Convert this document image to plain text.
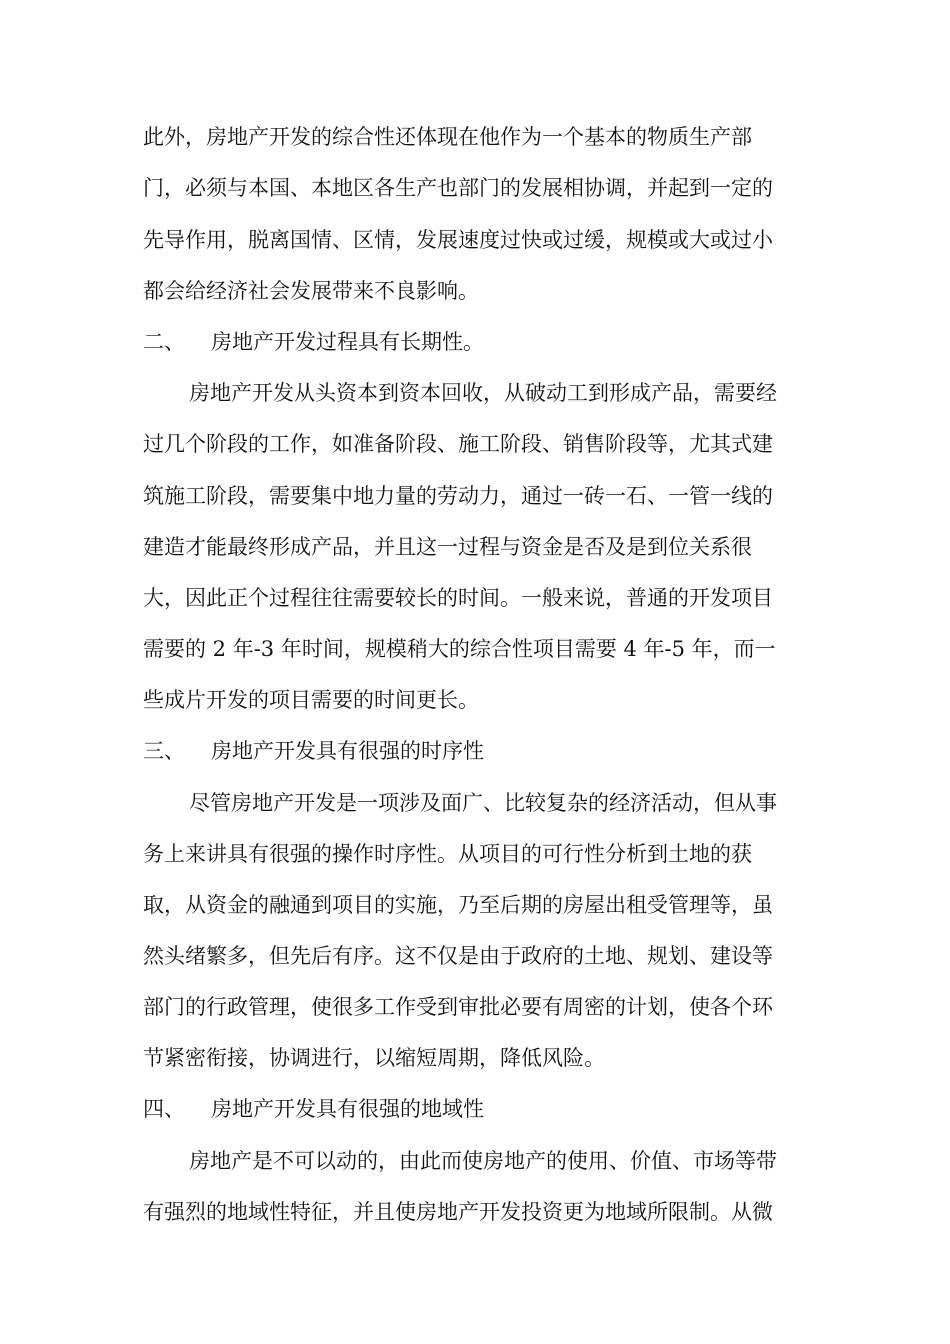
此外，房地产开发的综合性还体现在他作为一个基本的物质生产部
门，必须与本国、本地区各生产也部门的发展相协调，并起到一定的
先导作用，脱离国情、区情，发展速度过快或过缓，规模或大或过小
都会给经济社会发展带来不良影响。
二、 房地产开发过程具有长期性。
房地产开发从头资本到资本回收，从破动工到形成产品，需要经
过几个阶段的工作，如准备阶段、施工阶段、销售阶段等，尤其式建
筑施工阶段，需要集中地力量的劳动力，通过一砖一石、一管一线的
建造才能最终形成产品，并且这一过程与资金是否及是到位关系很
大，因此正个过程往往需要较长的时间。一般来说，普通的开发项目
需要的 2 年-3 年时间，规模稍大的综合性项目需要 4 年-5 年，而一
些成片开发的项目需要的时间更长。
三、 房地产开发具有很强的时序性
尽管房地产开发是一项涉及面广、比较复杂的经济活动，但从事
务上来讲具有很强的操作时序性。从项目的可行性分析到土地的获
取，从资金的融通到项目的实施，乃至后期的房屋出租受管理等，虽
然头绪繁多，但先后有序。这不仅是由于政府的土地、规划、建设等
部门的行政管理，使很多工作受到审批必要有周密的计划，使各个环
节紧密衔接，协调进行，以缩短周期，降低风险。
四、 房地产开发具有很强的地域性
房地产是不可以动的，由此而使房地产的使用、价值、市场等带
有强烈的地域性特征，并且使房地产开发投资更为地域所限制。从微
